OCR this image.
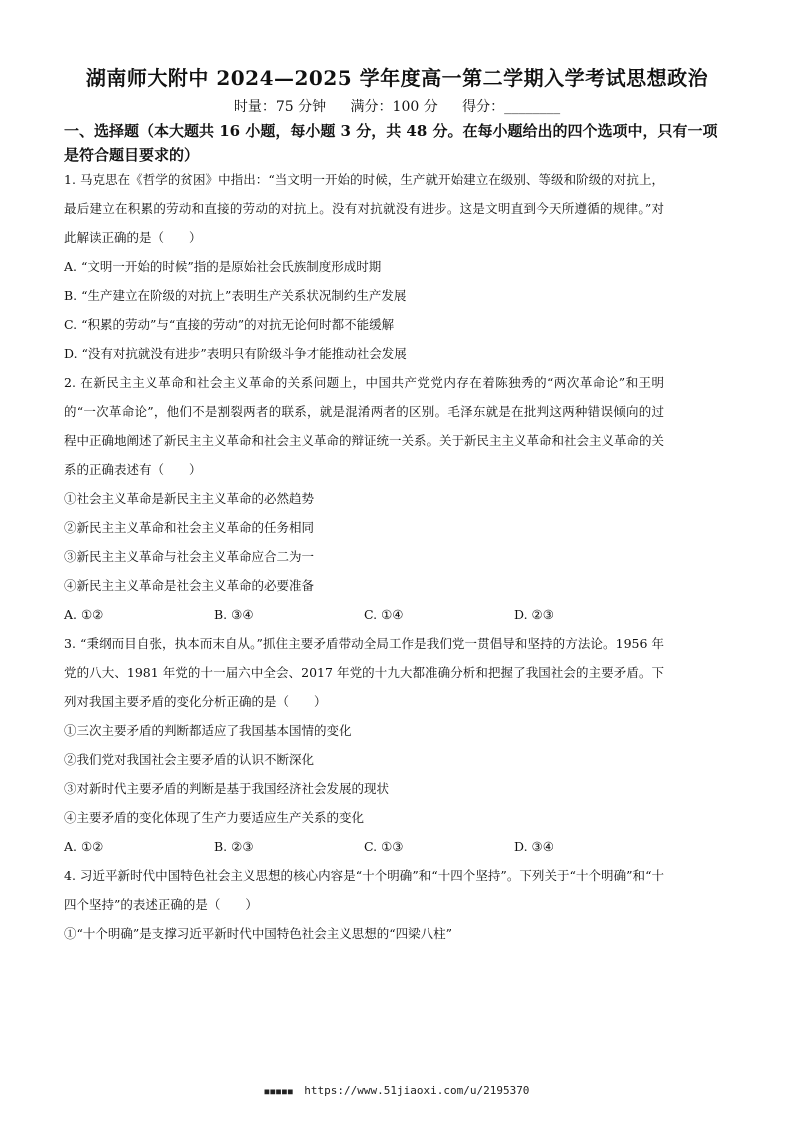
湖南师大附中 2024—2025 学年度高一第二学期入学考试思想政治
时量：75 分钟 满分：100 分 得分：________
一、选择题（本大题共 16 小题，每小题 3 分，共 48 分。在每小题给出的四个选项中，只有一项是符合题目要求的）

1. 马克思在《哲学的贫困》中指出：“当文明一开始的时候，生产就开始建立在级别、等级和阶级的对抗上，最后建立在积累的劳动和直接的劳动的对抗上。没有对抗就没有进步。这是文明直到今天所遵循的规律。”对此解读正确的是（　　）

A. “文明一开始的时候”指的是原始社会氏族制度形成时期

B. “生产建立在阶级的对抗上”表明生产关系状况制约生产发展

C. “积累的劳动”与“直接的劳动”的对抗无论何时都不能缓解

D. “没有对抗就没有进步”表明只有阶级斗争才能推动社会发展

2. 在新民主主义革命和社会主义革命的关系问题上，中国共产党党内存在着陈独秀的“两次革命论”和王明的“一次革命论”，他们不是割裂两者的联系，就是混淆两者的区别。毛泽东就是在批判这两种错误倾向的过程中正确地阐述了新民主主义革命和社会主义革命的辩证统一关系。关于新民主主义革命和社会主义革命的关系的正确表述有（　　）

①社会主义革命是新民主主义革命的必然趋势

②新民主主义革命和社会主义革命的任务相同

③新民主主义革命与社会主义革命应合二为一

④新民主主义革命是社会主义革命的必要准备

A. ①②	B. ③④	C. ①④	D. ②③

3. “秉纲而目自张，执本而末自从。”抓住主要矛盾带动全局工作是我们党一贯倡导和坚持的方法论。1956 年党的八大、1981 年党的十一届六中全会、2017 年党的十九大都准确分析和把握了我国社会的主要矛盾。下列对我国主要矛盾的变化分析正确的是（　　）

①三次主要矛盾的判断都适应了我国基本国情的变化

②我们党对我国社会主要矛盾的认识不断深化

③对新时代主要矛盾的判断是基于我国经济社会发展的现状

④主要矛盾的变化体现了生产力要适应生产关系的变化

A. ①②	B. ②③	C. ①③	D. ③④

4. 习近平新时代中国特色社会主义思想的核心内容是“十个明确”和“十四个坚持”。下列关于“十个明确”和“十四个坚持”的表述正确的是（　　）

①“十个明确”是支撑习近平新时代中国特色社会主义思想的“四梁八柱”

■■■■■ https://www.51jiaoxi.com/u/2195370
